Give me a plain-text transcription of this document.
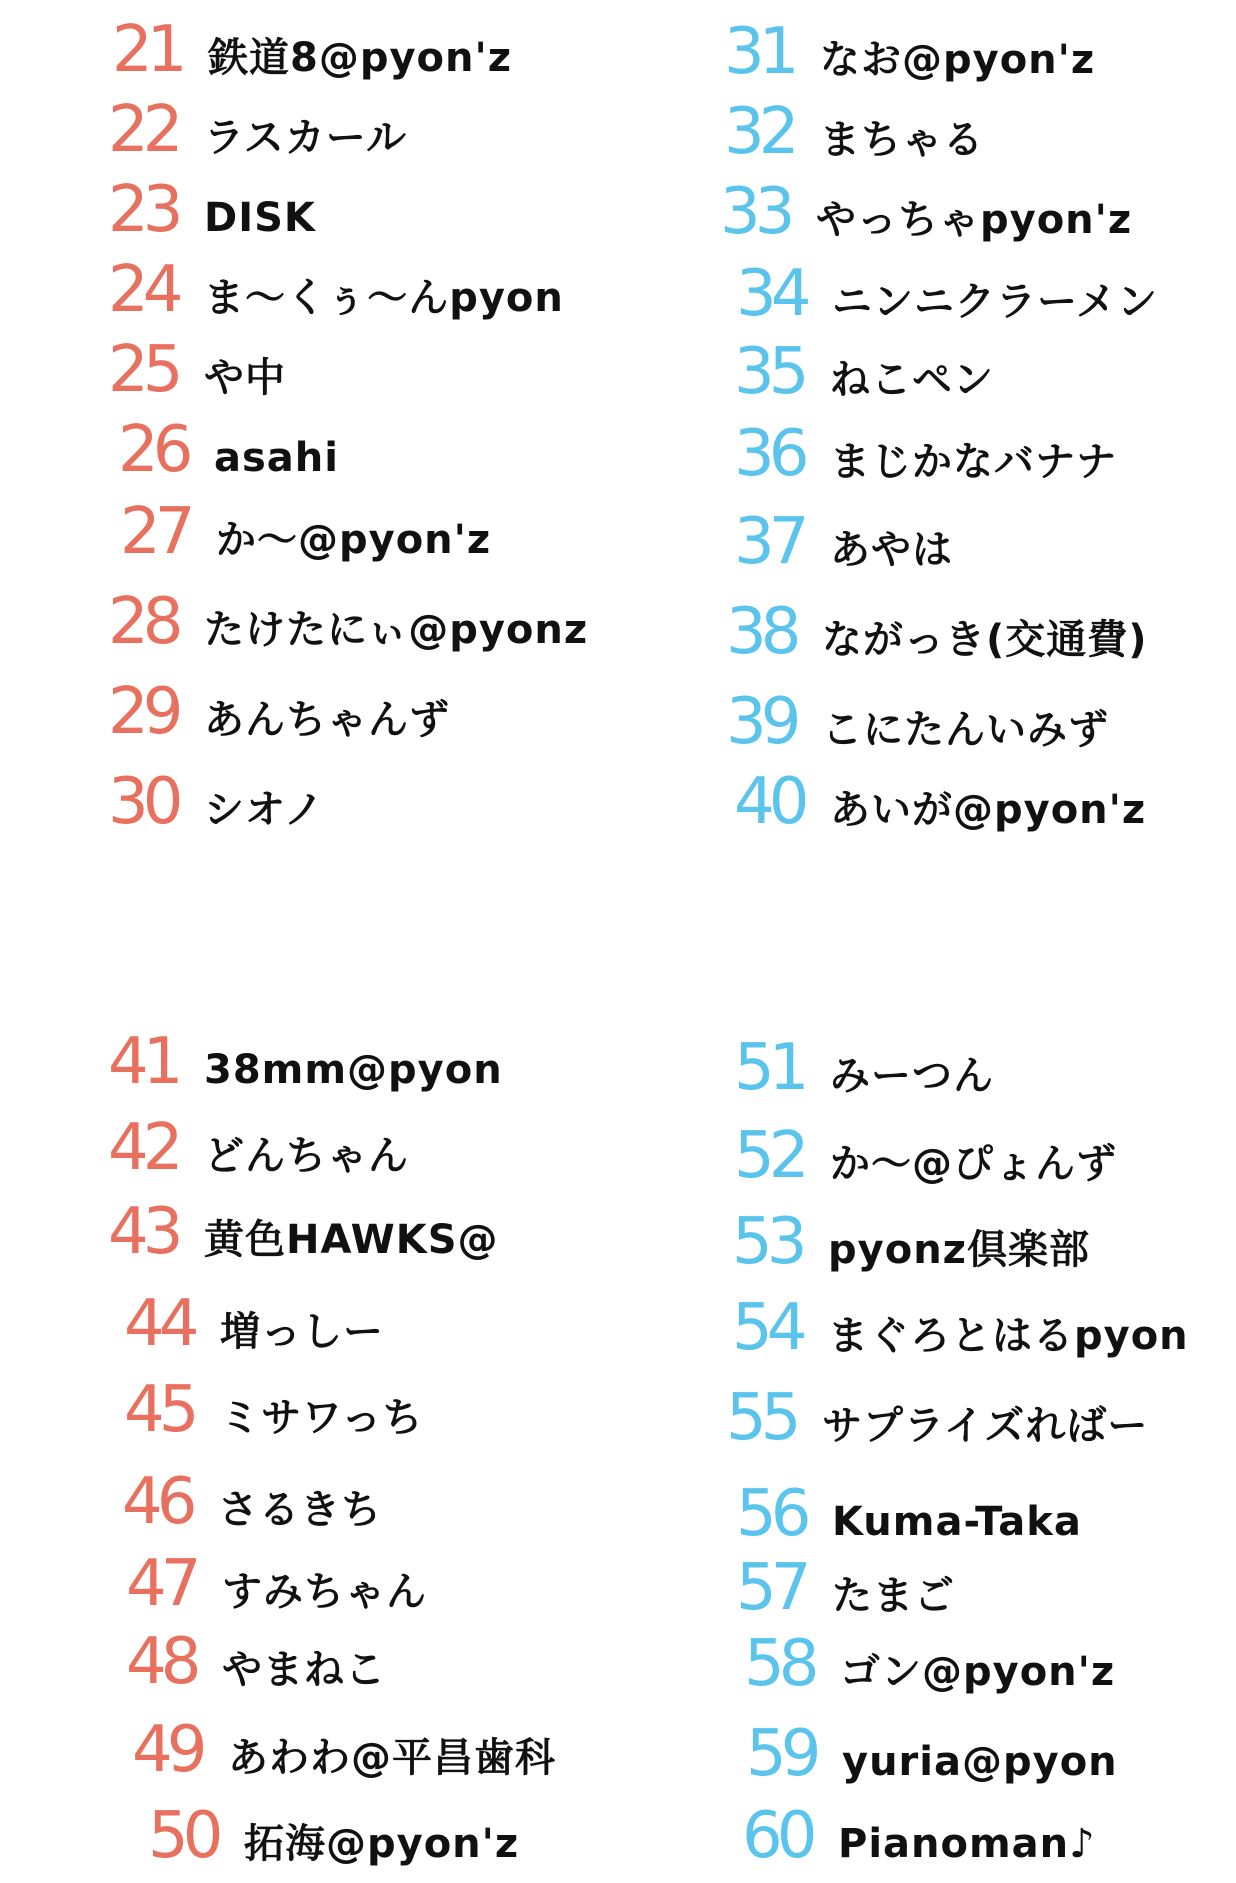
21 鉄道8@pyon'z
22 ラスカール
23 DISK
24 ま〜くぅ〜んpyon
25 や中
26 asahi
27 か〜@pyon'z
28 たけたにぃ@pyonz
29 あんちゃんず
30 シオノ
31 なお@pyon'z
32 まちゃる
33 やっちゃpyon'z
34 ニンニクラーメン
35 ねこペン
36 まじかなバナナ
37 あやは
38 ながっき(交通費)
39 こにたんいみず
40 あいが@pyon'z
41 38mm@pyon
42 どんちゃん
43 黄色HAWKS@
44 増っしー
45 ミサワっち
46 さるきち
47 すみちゃん
48 やまねこ
49 あわわ@平昌歯科
50 拓海@pyon'z
51 みーつん
52 か〜@ぴょんず
53 pyonz倶楽部
54 まぐろとはるpyon
55 サプライズればー
56 Kuma-Taka
57 たまご
58 ゴン@pyon'z
59 yuria@pyon
60 Pianoman♪
